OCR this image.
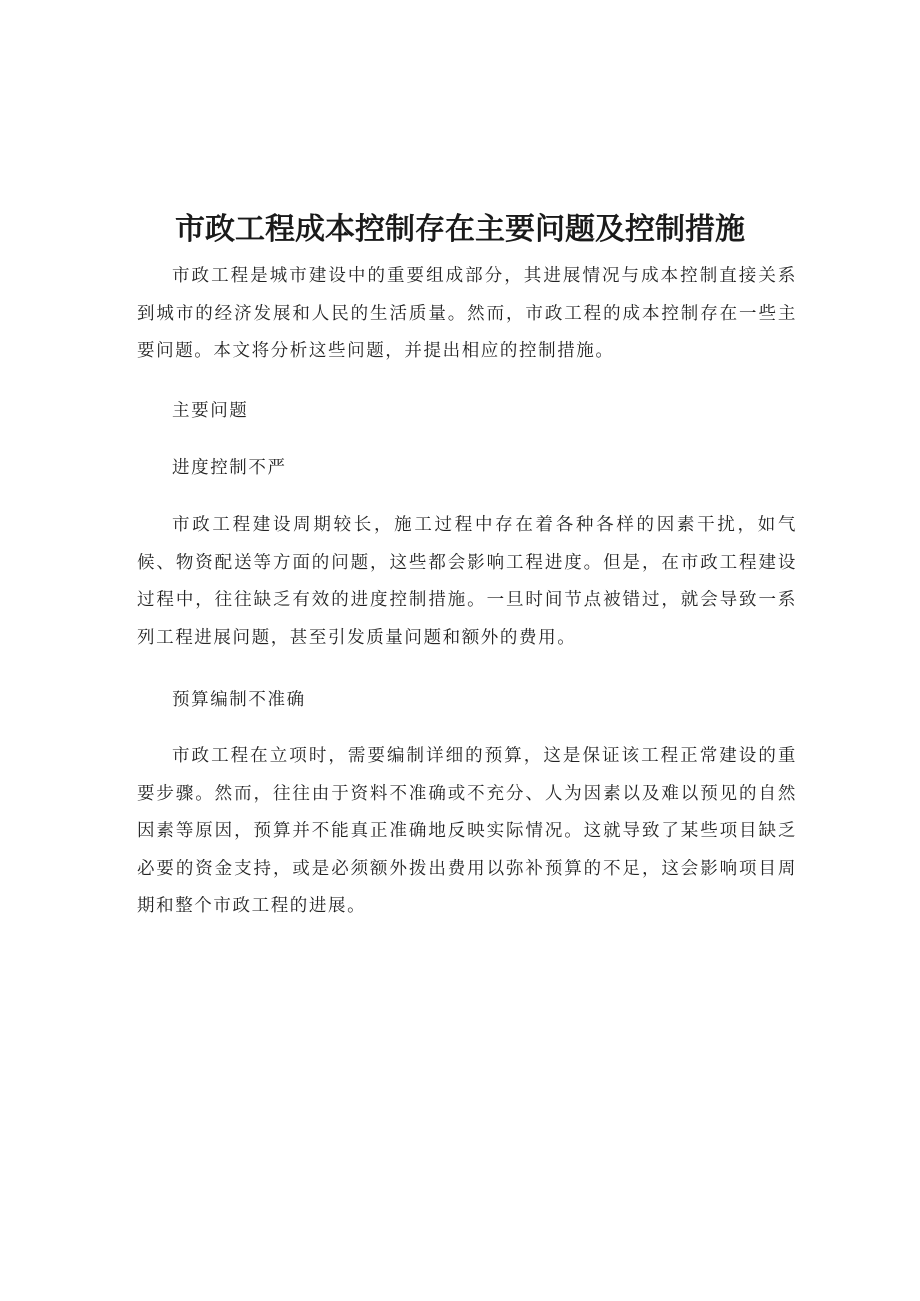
市政工程成本控制存在主要问题及控制措施

市政工程是城市建设中的重要组成部分，其进展情况与成本控制直接关系到城市的经济发展和人民的生活质量。然而，市政工程的成本控制存在一些主要问题。本文将分析这些问题，并提出相应的控制措施。

主要问题

进度控制不严

市政工程建设周期较长，施工过程中存在着各种各样的因素干扰，如气候、物资配送等方面的问题，这些都会影响工程进度。但是，在市政工程建设过程中，往往缺乏有效的进度控制措施。一旦时间节点被错过，就会导致一系列工程进展问题，甚至引发质量问题和额外的费用。

预算编制不准确

市政工程在立项时，需要编制详细的预算，这是保证该工程正常建设的重要步骤。然而，往往由于资料不准确或不充分、人为因素以及难以预见的自然因素等原因，预算并不能真正准确地反映实际情况。这就导致了某些项目缺乏必要的资金支持，或是必须额外拨出费用以弥补预算的不足，这会影响项目周期和整个市政工程的进展。
